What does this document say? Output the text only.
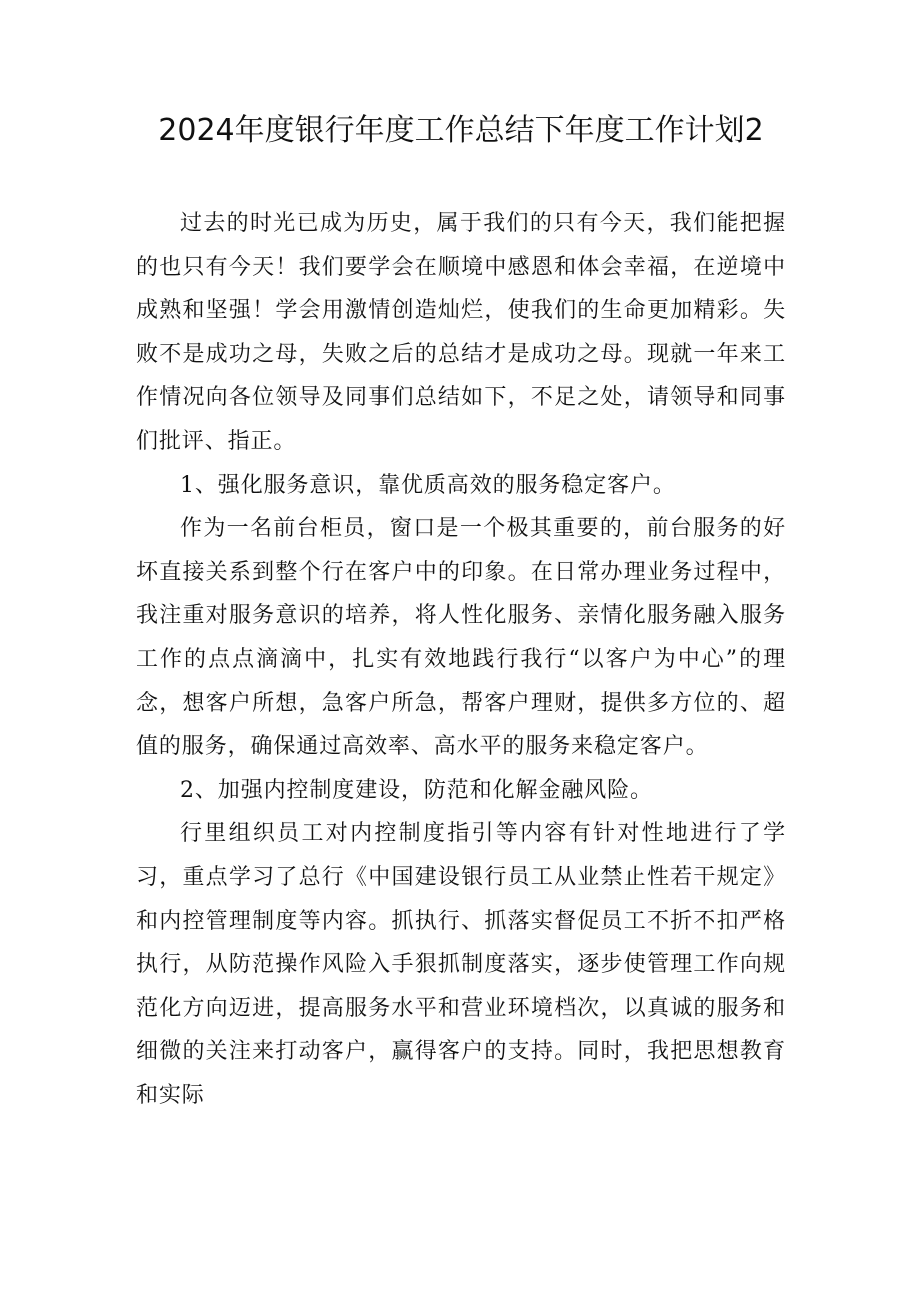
2024年度银行年度工作总结下年度工作计划2

过去的时光已成为历史，属于我们的只有今天，我们能把握的也只有今天！我们要学会在顺境中感恩和体会幸福，在逆境中成熟和坚强！学会用激情创造灿烂，使我们的生命更加精彩。失败不是成功之母，失败之后的总结才是成功之母。现就一年来工作情况向各位领导及同事们总结如下，不足之处，请领导和同事们批评、指正。

1、强化服务意识，靠优质高效的服务稳定客户。

作为一名前台柜员，窗口是一个极其重要的，前台服务的好坏直接关系到整个行在客户中的印象。在日常办理业务过程中，我注重对服务意识的培养，将人性化服务、亲情化服务融入服务工作的点点滴滴中，扎实有效地践行我行“以客户为中心”的理念，想客户所想，急客户所急，帮客户理财，提供多方位的、超值的服务，确保通过高效率、高水平的服务来稳定客户。

2、加强内控制度建设，防范和化解金融风险。

行里组织员工对内控制度指引等内容有针对性地进行了学习，重点学习了总行《中国建设银行员工从业禁止性若干规定》和内控管理制度等内容。抓执行、抓落实督促员工不折不扣严格执行，从防范操作风险入手狠抓制度落实，逐步使管理工作向规范化方向迈进，提高服务水平和营业环境档次，以真诚的服务和细微的关注来打动客户，赢得客户的支持。同时，我把思想教育和实际
